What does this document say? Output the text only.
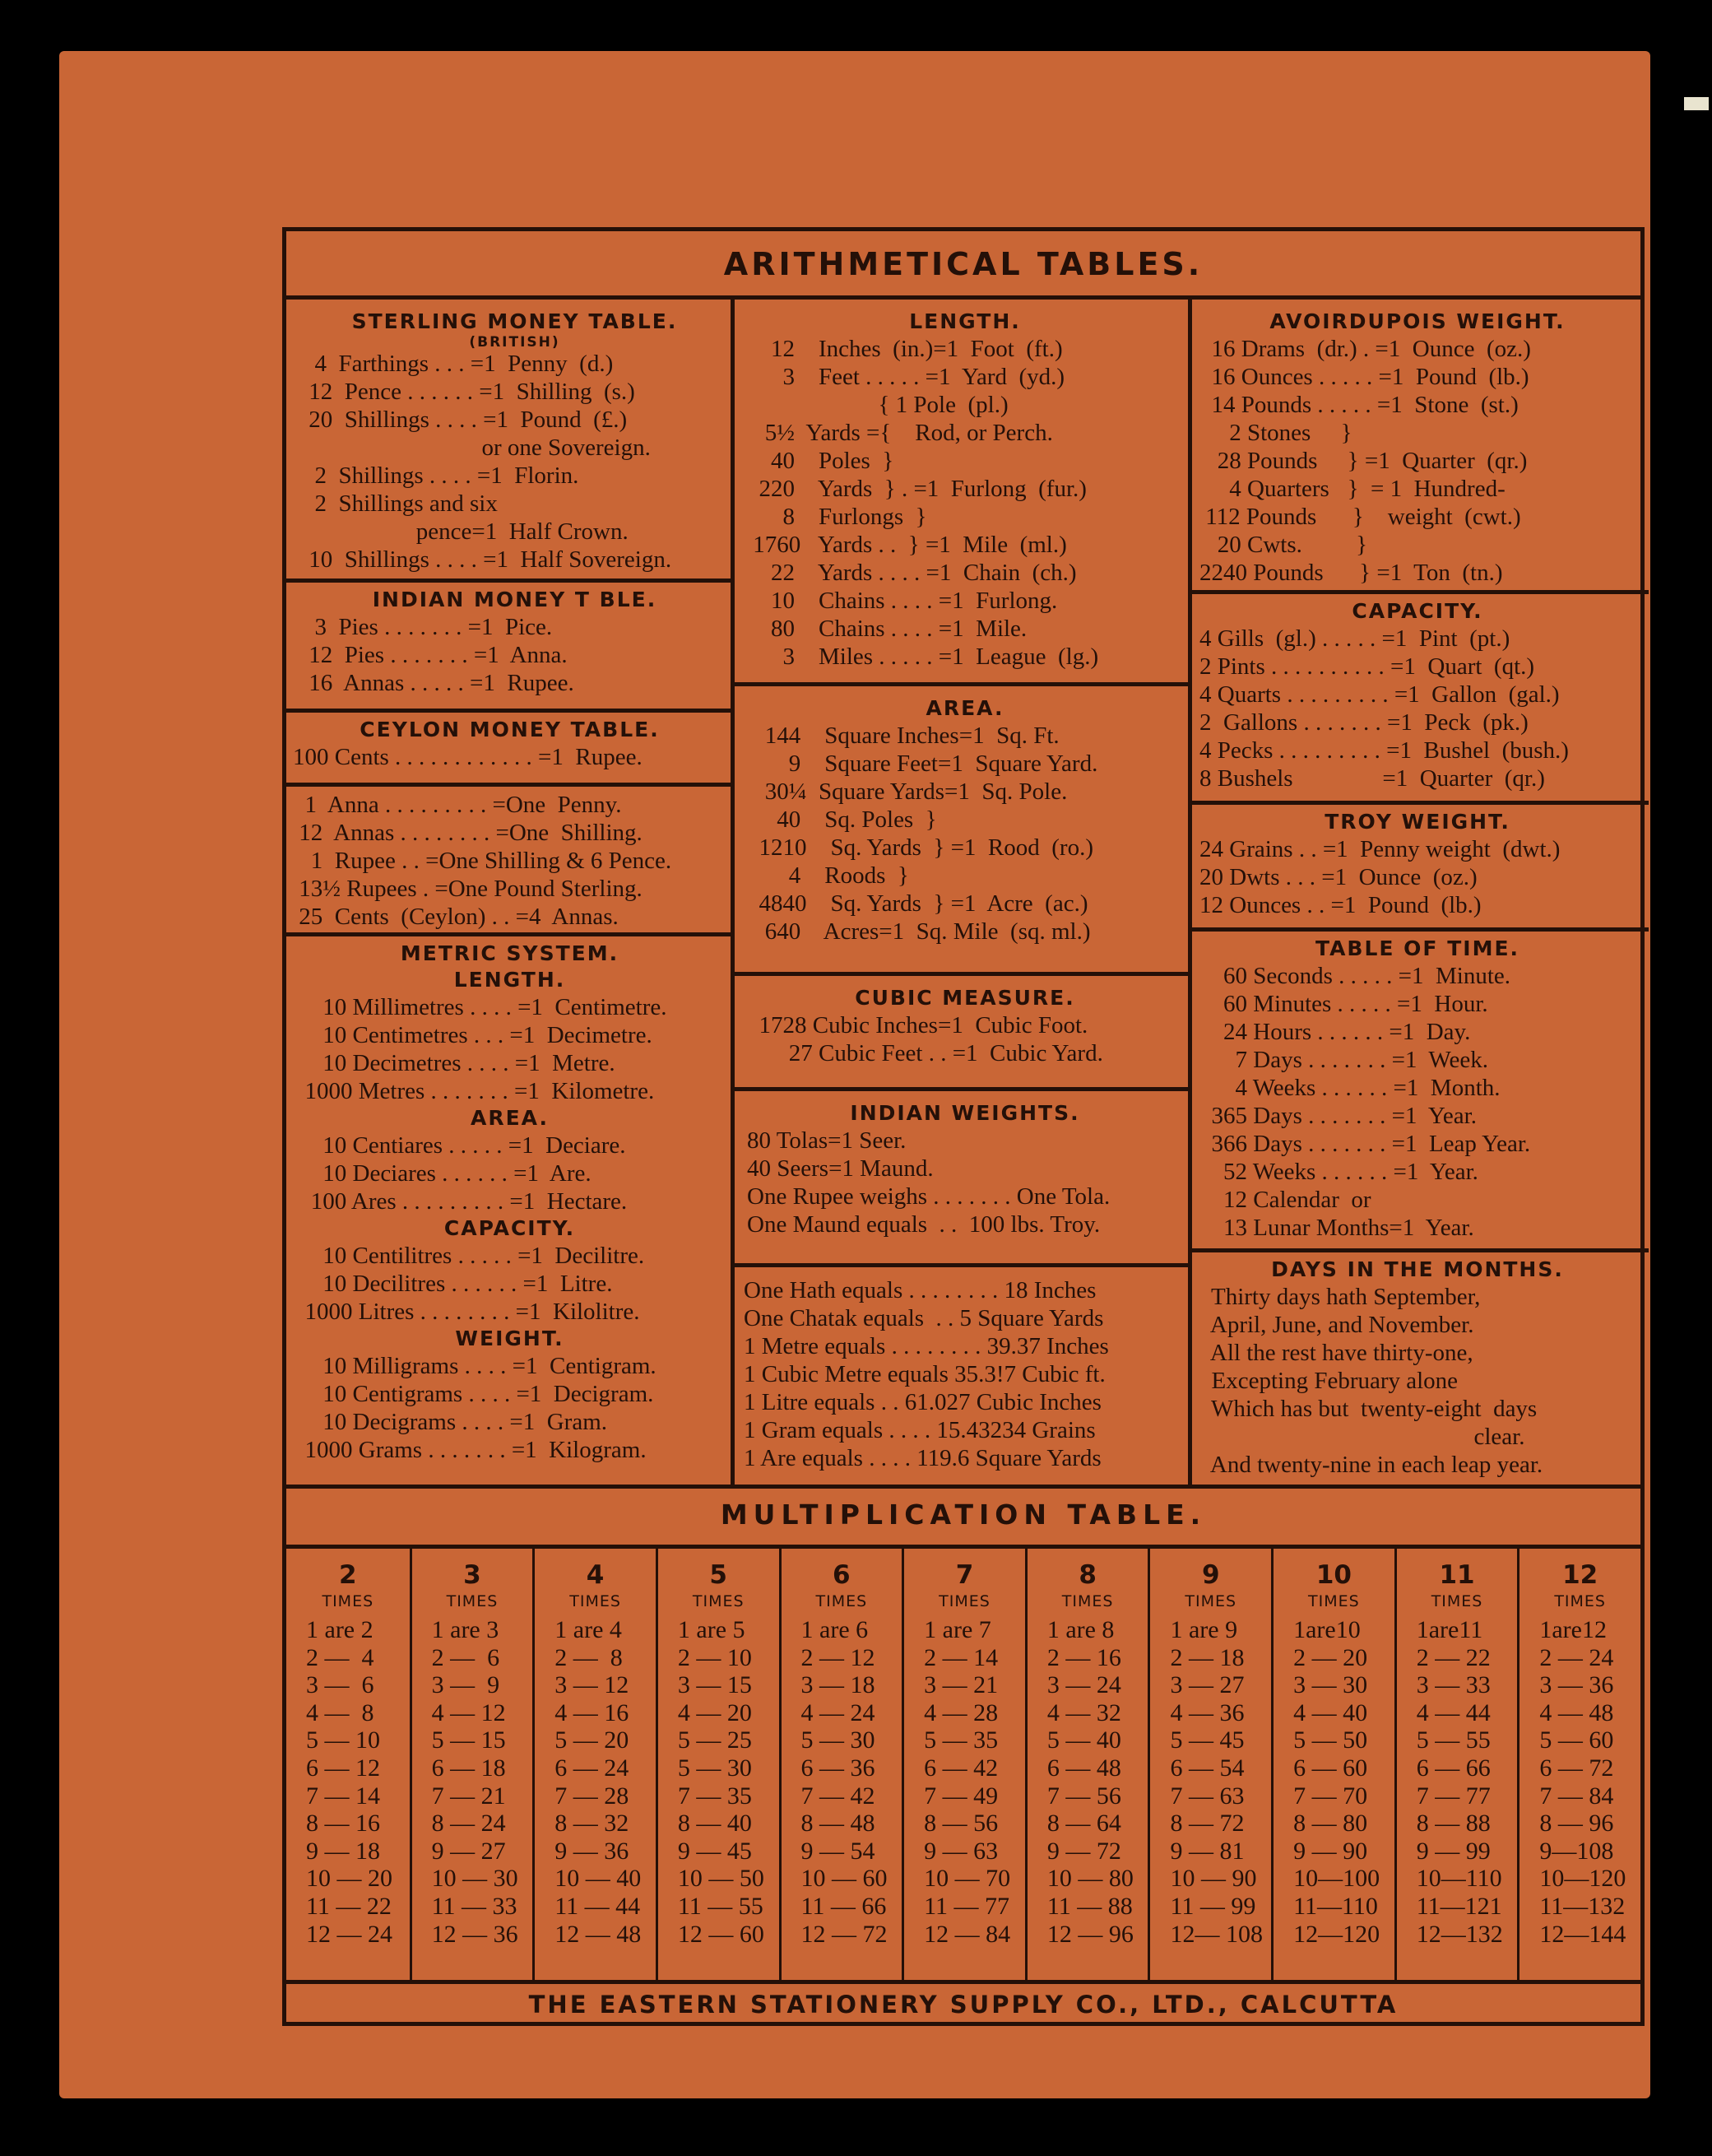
ARITHMETICAL TABLES.
STERLING MONEY TABLE.
(BRITISH)
4  Farthings . . . =1  Penny  (d.)
12  Pence . . . . . . =1  Shilling  (s.)
20  Shillings . . . . =1  Pound  (£.)
or one Sovereign.
2  Shillings . . . . =1  Florin.
2  Shillings and six
pence=1  Half Crown.
10  Shillings . . . . =1  Half Sovereign.
INDIAN MONEY T BLE.
3  Pies . . . . . . . =1  Pice.
12  Pies . . . . . . . =1  Anna.
16  Annas . . . . . =1  Rupee.
CEYLON MONEY TABLE.
100 Cents . . . . . . . . . . . . =1  Rupee.
1  Anna . . . . . . . . . =One  Penny.
12  Annas . . . . . . . . =One  Shilling.
1  Rupee . . =One Shilling & 6 Pence.
13½ Rupees . =One Pound Sterling.
25  Cents  (Ceylon) . . =4  Annas.
METRIC SYSTEM.
LENGTH.
10 Millimetres . . . . =1  Centimetre.
10 Centimetres . . . =1  Decimetre.
10 Decimetres . . . . =1  Metre.
1000 Metres . . . . . . . =1  Kilometre.
AREA.
10 Centiares . . . . . =1  Deciare.
10 Deciares . . . . . . =1  Are.
100 Ares . . . . . . . . . =1  Hectare.
CAPACITY.
10 Centilitres . . . . . =1  Decilitre.
10 Decilitres . . . . . . =1  Litre.
1000 Litres . . . . . . . . =1  Kilolitre.
WEIGHT.
10 Milligrams . . . . =1  Centigram.
10 Centigrams . . . . =1  Decigram.
10 Decigrams . . . . =1  Gram.
1000 Grams . . . . . . . =1  Kilogram.
LENGTH.
12    Inches  (in.)=1  Foot  (ft.)
3    Feet . . . . . =1  Yard  (yd.)
{ 1 Pole  (pl.)
5½  Yards ={    Rod, or Perch.
40    Poles  }
220    Yards  } . =1  Furlong  (fur.)
8    Furlongs  }
1760   Yards . .  } =1  Mile  (ml.)
22    Yards . . . . =1  Chain  (ch.)
10    Chains . . . . =1  Furlong.
80    Chains . . . . =1  Mile.
3    Miles . . . . . =1  League  (lg.)
AREA.
144    Square Inches=1  Sq. Ft.
9    Square Feet=1  Square Yard.
30¼  Square Yards=1  Sq. Pole.
40    Sq. Poles  }
1210    Sq. Yards  } =1  Rood  (ro.)
4    Roods  }
4840    Sq. Yards  } =1  Acre  (ac.)
640    Acres=1  Sq. Mile  (sq. ml.)
CUBIC MEASURE.
1728 Cubic Inches=1  Cubic Foot.
27 Cubic Feet . . =1  Cubic Yard.
INDIAN WEIGHTS.
80 Tolas=1 Seer.
40 Seers=1 Maund.
One Rupee weighs . . . . . . . One Tola.
One Maund equals  . .  100 lbs. Troy.
One Hath equals . . . . . . . . 18 Inches
One Chatak equals  . . 5 Square Yards
1 Metre equals . . . . . . . . 39.37 Inches
1 Cubic Metre equals 35.3!7 Cubic ft.
1 Litre equals . . 61.027 Cubic Inches
1 Gram equals . . . . 15.43234 Grains
1 Are equals . . . . 119.6 Square Yards
AVOIRDUPOIS WEIGHT.
16 Drams  (dr.) . =1  Ounce  (oz.)
16 Ounces . . . . . =1  Pound  (lb.)
14 Pounds . . . . . =1  Stone  (st.)
2 Stones     }
28 Pounds     } =1  Quarter  (qr.)
4 Quarters   }  = 1  Hundred-
112 Pounds      }    weight  (cwt.)
20 Cwts.         }
2240 Pounds      } =1  Ton  (tn.)
CAPACITY.
4 Gills  (gl.) . . . . . =1  Pint  (pt.)
2 Pints . . . . . . . . . . =1  Quart  (qt.)
4 Quarts . . . . . . . . . =1  Gallon  (gal.)
2  Gallons . . . . . . . =1  Peck  (pk.)
4 Pecks . . . . . . . . . =1  Bushel  (bush.)
8 Bushels               =1  Quarter  (qr.)
TROY WEIGHT.
24 Grains . . =1  Penny weight  (dwt.)
20 Dwts . . . =1  Ounce  (oz.)
12 Ounces . . =1  Pound  (lb.)
TABLE OF TIME.
60 Seconds . . . . . =1  Minute.
60 Minutes . . . . . =1  Hour.
24 Hours . . . . . . =1  Day.
7 Days . . . . . . . =1  Week.
4 Weeks . . . . . . =1  Month.
365 Days . . . . . . . =1  Year.
366 Days . . . . . . . =1  Leap Year.
52 Weeks . . . . . . =1  Year.
12 Calendar  or
13 Lunar Months=1  Year.
DAYS IN THE MONTHS.
Thirty days hath September,
April, June, and November.
All the rest have thirty-one,
Excepting February alone
Which has but  twenty-eight  days
clear.
And twenty-nine in each leap year.
MULTIPLICATION TABLE.
2
TIMES
1 are 2
2 —  4
3 —  6
4 —  8
5 — 10
6 — 12
7 — 14
8 — 16
9 — 18
10 — 20
11 — 22
12 — 24
3
TIMES
1 are 3
2 —  6
3 —  9
4 — 12
5 — 15
6 — 18
7 — 21
8 — 24
9 — 27
10 — 30
11 — 33
12 — 36
4
TIMES
1 are 4
2 —  8
3 — 12
4 — 16
5 — 20
6 — 24
7 — 28
8 — 32
9 — 36
10 — 40
11 — 44
12 — 48
5
TIMES
1 are 5
2 — 10
3 — 15
4 — 20
5 — 25
5 — 30
7 — 35
8 — 40
9 — 45
10 — 50
11 — 55
12 — 60
6
TIMES
1 are 6
2 — 12
3 — 18
4 — 24
5 — 30
6 — 36
7 — 42
8 — 48
9 — 54
10 — 60
11 — 66
12 — 72
7
TIMES
1 are 7
2 — 14
3 — 21
4 — 28
5 — 35
6 — 42
7 — 49
8 — 56
9 — 63
10 — 70
11 — 77
12 — 84
8
TIMES
1 are 8
2 — 16
3 — 24
4 — 32
5 — 40
6 — 48
7 — 56
8 — 64
9 — 72
10 — 80
11 — 88
12 — 96
9
TIMES
1 are 9
2 — 18
3 — 27
4 — 36
5 — 45
6 — 54
7 — 63
8 — 72
9 — 81
10 — 90
11 — 99
12— 108
10
TIMES
1are10
2 — 20
3 — 30
4 — 40
5 — 50
6 — 60
7 — 70
8 — 80
9 — 90
10—100
11—110
12—120
11
TIMES
1are11
2 — 22
3 — 33
4 — 44
5 — 55
6 — 66
7 — 77
8 — 88
9 — 99
10—110
11—121
12—132
12
TIMES
1are12
2 — 24
3 — 36
4 — 48
5 — 60
6 — 72
7 — 84
8 — 96
9—108
10—120
11—132
12—144
THE EASTERN STATIONERY SUPPLY CO., LTD., CALCUTTA
